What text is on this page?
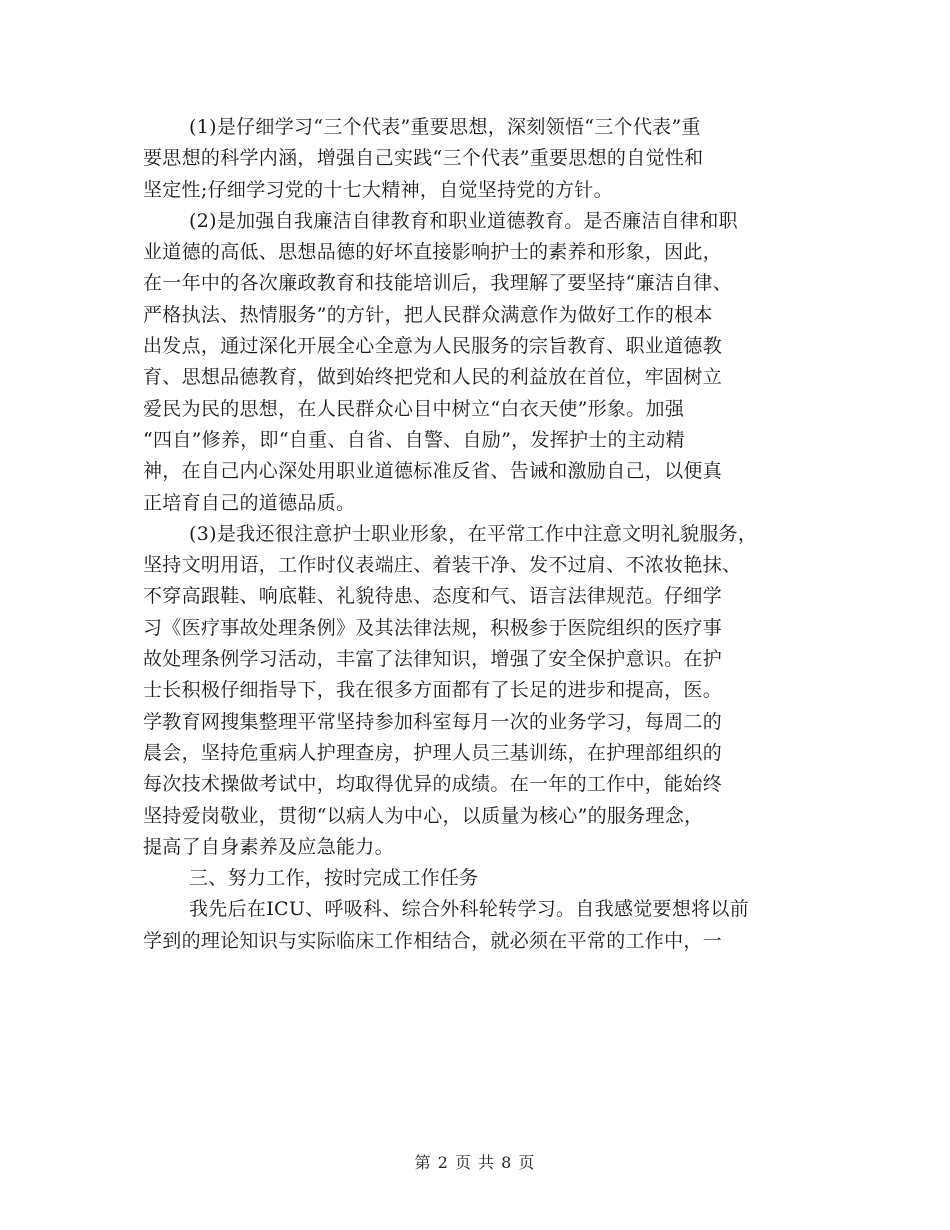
(1)是仔细学习“三个代表”重要思想，深刻领悟“三个代表”重
要思想的科学内涵，增强自己实践“三个代表”重要思想的自觉性和
坚定性;仔细学习党的十七大精神，自觉坚持党的方针。

(2)是加强自我廉洁自律教育和职业道德教育。是否廉洁自律和职
业道德的高低、思想品德的好坏直接影响护士的素养和形象，因此，
在一年中的各次廉政教育和技能培训后，我理解了要坚持“廉洁自律、
严格执法、热情服务”的方针，把人民群众满意作为做好工作的根本
出发点，通过深化开展全心全意为人民服务的宗旨教育、职业道德教
育、思想品德教育，做到始终把党和人民的利益放在首位，牢固树立
爱民为民的思想，在人民群众心目中树立“白衣天使”形象。加强
“四自”修养，即“自重、自省、自警、自励”，发挥护士的主动精
神，在自己内心深处用职业道德标准反省、告诫和激励自己，以便真
正培育自己的道德品质。

(3)是我还很注意护士职业形象，在平常工作中注意文明礼貌服务，
坚持文明用语，工作时仪表端庄、着装干净、发不过肩、不浓妆艳抹、
不穿高跟鞋、响底鞋、礼貌待患、态度和气、语言法律规范。仔细学
习《医疗事故处理条例》及其法律法规，积极参于医院组织的医疗事
故处理条例学习活动，丰富了法律知识，增强了安全保护意识。在护
士长积极仔细指导下，我在很多方面都有了长足的进步和提高，医。
学教育网搜集整理平常坚持参加科室每月一次的业务学习，每周二的
晨会，坚持危重病人护理查房，护理人员三基训练，在护理部组织的
每次技术操做考试中，均取得优异的成绩。在一年的工作中，能始终
坚持爱岗敬业，贯彻“以病人为中心，以质量为核心”的服务理念，
提高了自身素养及应急能力。

三、努力工作，按时完成工作任务

我先后在ICU、呼吸科、综合外科轮转学习。自我感觉要想将以前
学到的理论知识与实际临床工作相结合，就必须在平常的工作中，一

第 2 页 共 8 页
